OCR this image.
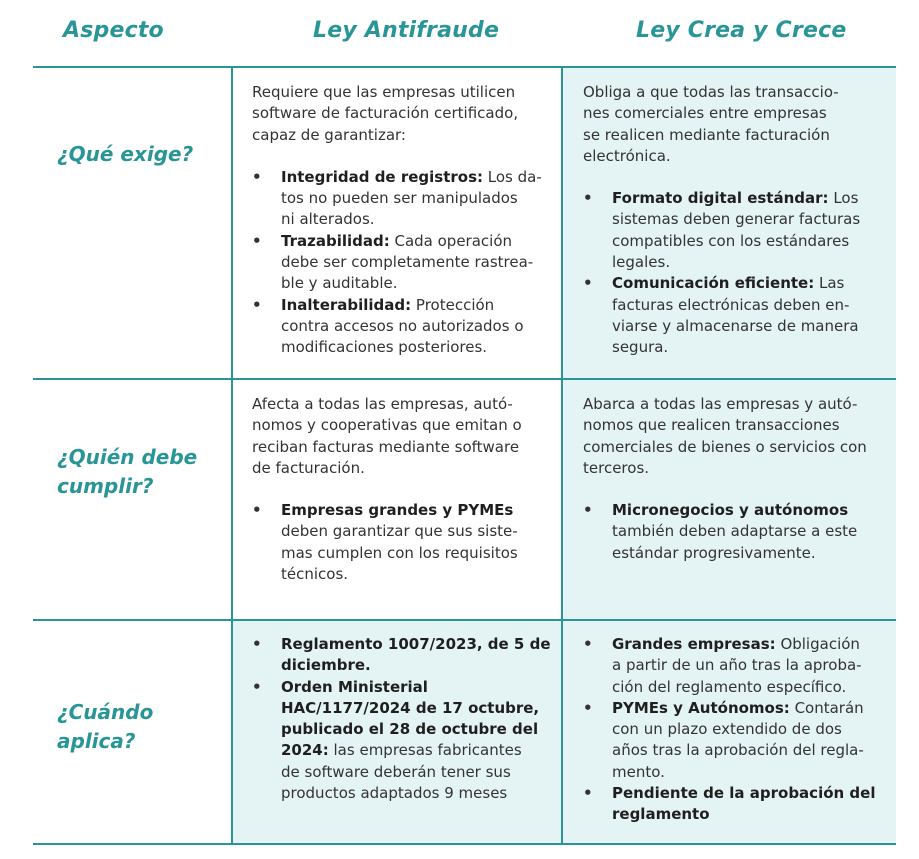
Aspecto	Ley Antifraude	Ley Crea y Crece
¿Qué exige?

Requiere que las empresas utilicen

software de facturación certificado,

capaz de garantizar:

• Integridad de registros: Los da-
tos no pueden ser manipulados
ni alterados.
• Trazabilidad: Cada operación
debe ser completamente rastrea-
ble y auditable.
• Inalterabilidad: Protección
contra accesos no autorizados o
modificaciones posteriores.

Obliga a que todas las transaccio-

nes comerciales entre empresas

se realicen mediante facturación

electrónica.

• Formato digital estándar: Los
sistemas deben generar facturas
compatibles con los estándares
legales.
• Comunicación eficiente: Las
facturas electrónicas deben en-
viarse y almacenarse de manera
segura.
¿Quién debe
cumplir?

Afecta a todas las empresas, autó-

nomos y cooperativas que emitan o

reciban facturas mediante software

de facturación.

• Empresas grandes y PYMEs
deben garantizar que sus siste-
mas cumplen con los requisitos
técnicos.

Abarca a todas las empresas y autó-

nomos que realicen transacciones

comerciales de bienes o servicios con

terceros.

• Micronegocios y autónomos
también deben adaptarse a este
estándar progresivamente.
¿Cuándo
aplica?
• Reglamento 1007/2023, de 5 de
diciembre.
• Orden Ministerial
HAC/1177/2024 de 17 octubre,
publicado el 28 de octubre del
2024: las empresas fabricantes
de software deberán tener sus
productos adaptados 9 meses
• Grandes empresas: Obligación
a partir de un año tras la aproba-
ción del reglamento específico.
• PYMEs y Autónomos: Contarán
con un plazo extendido de dos
años tras la aprobación del regla-
mento.
• Pendiente de la aprobación del
reglamento
